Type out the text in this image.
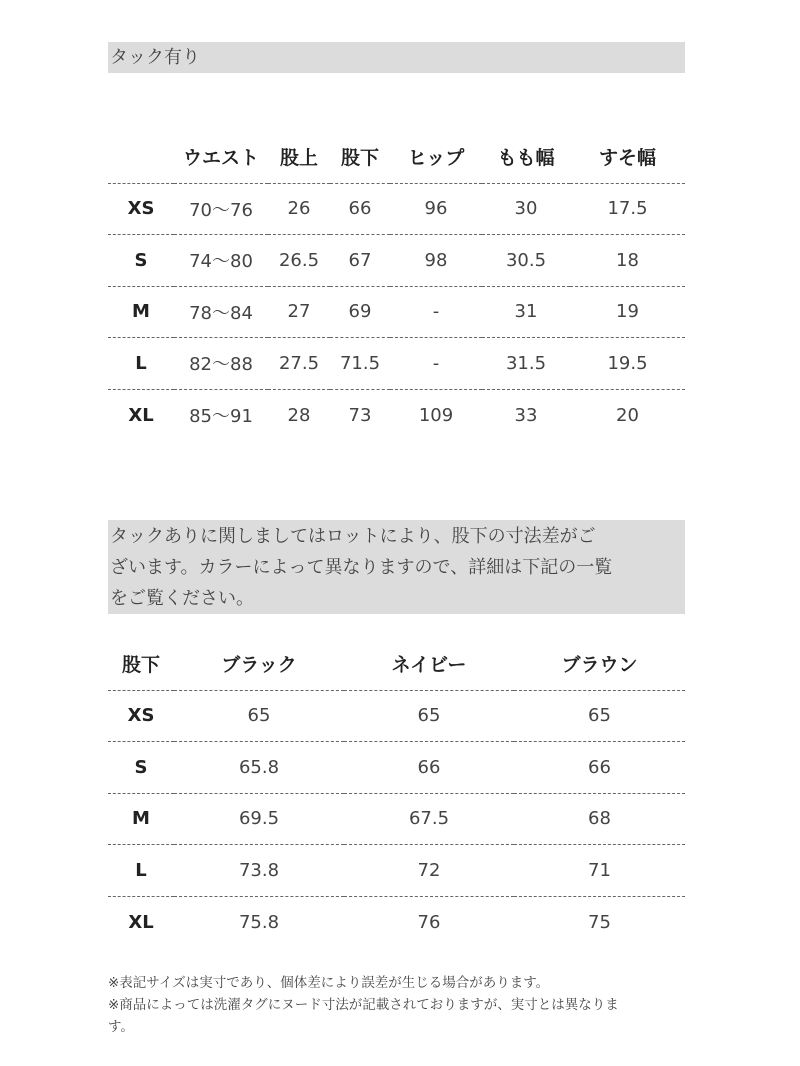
タック有り
	ウエスト	股上	股下	ヒップ	もも幅	すそ幅
XS	70〜76	26	66	96	30	17.5
S	74〜80	26.5	67	98	30.5	18
M	78〜84	27	69	-	31	19
L	82〜88	27.5	71.5	-	31.5	19.5
XL	85〜91	28	73	109	33	20
タックありに関しましてはロットにより、股下の寸法差がご
ざいます。カラーによって異なりますので、詳細は下記の一覧
をご覧ください。
股下	ブラック	ネイビー	ブラウン
XS	65	65	65
S	65.8	66	66
M	69.5	67.5	68
L	73.8	72	71
XL	75.8	76	75

※表記サイズは実寸であり、個体差により誤差が生じる場合があります。

※商品によっては洗濯タグにヌード寸法が記載されておりますが、実寸とは異なりま

す。
